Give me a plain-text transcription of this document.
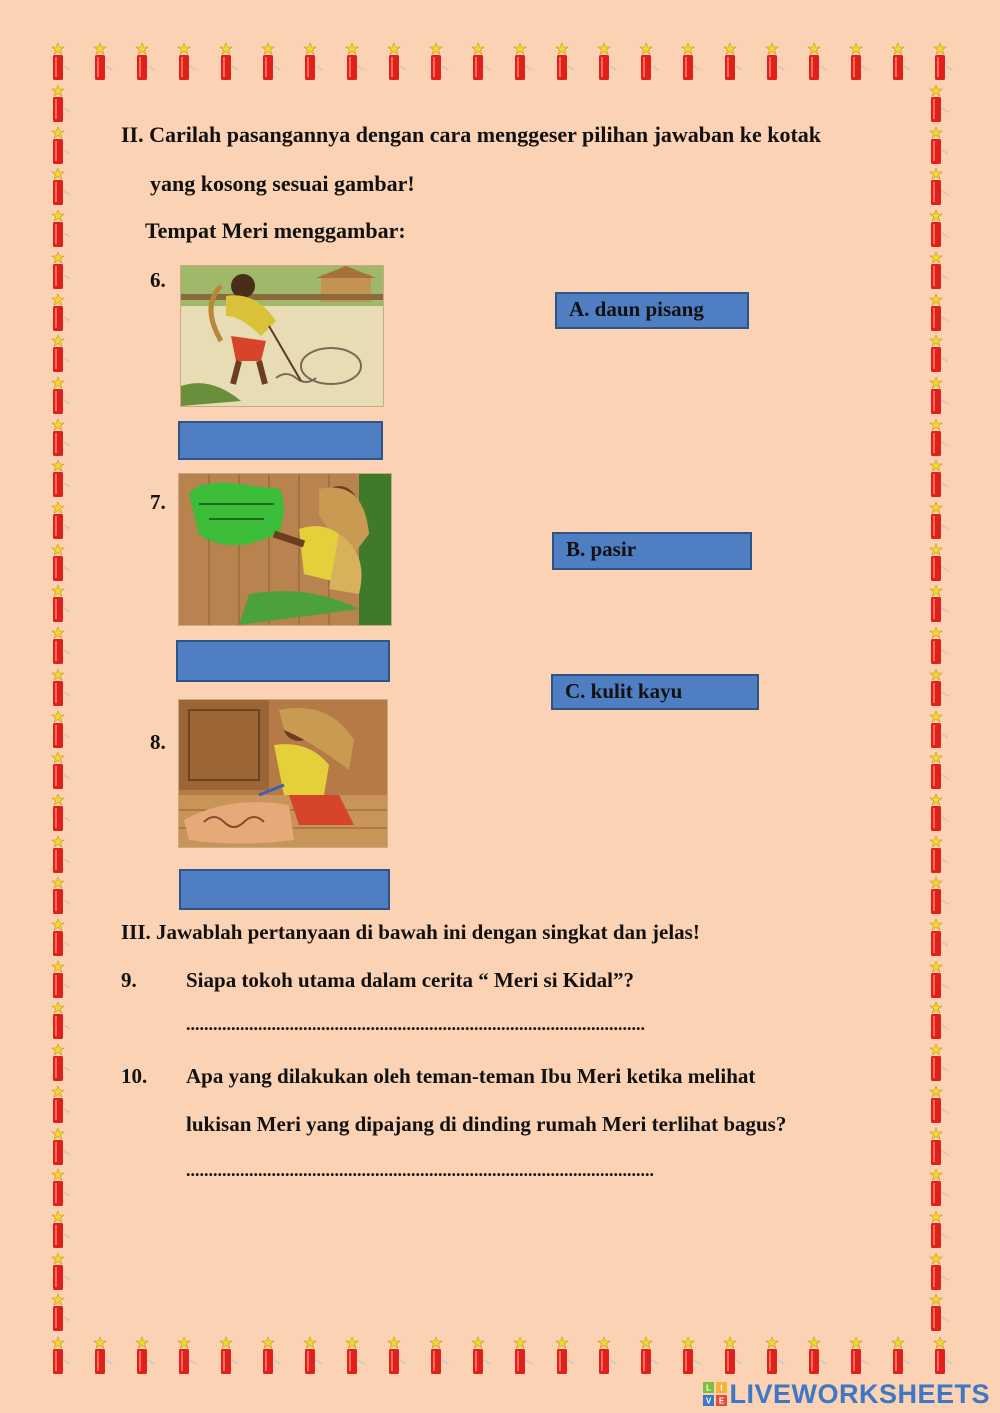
II. Carilah pasangannya dengan cara menggeser pilihan jawaban ke kotak
yang kosong sesuai gambar!
Tempat Meri menggambar:
6.
7.
8.
A. daun pisang
B. pasir
C. kulit kayu
III. Jawablah pertanyaan di bawah ini dengan singkat dan jelas!
9. Siapa tokoh utama dalam cerita “ Meri si Kidal”?
......................................................................................................
10. Apa yang dilakukan oleh teman-teman Ibu Meri ketika melihat
lukisan Meri yang dipajang di dinding rumah Meri terlihat bagus?
........................................................................................................
L I
V E LIVEWORKSHEETS
